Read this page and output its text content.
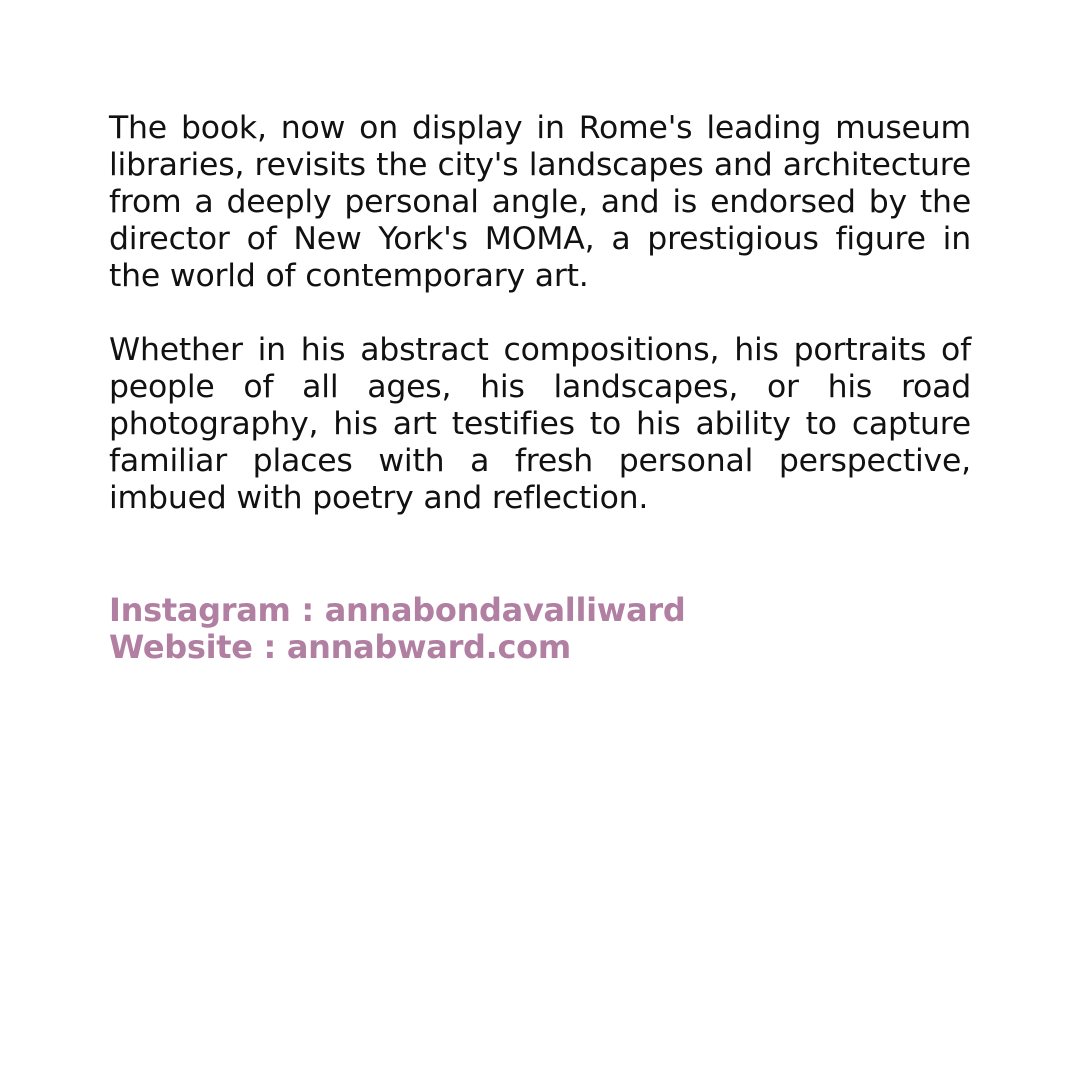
The book, now on display in Rome's leading museum libraries, revisits the city's landscapes and architecture from a deeply personal angle, and is endorsed by the director of New York's MOMA, a prestigious figure in the world of contemporary art.

Whether in his abstract compositions, his portraits of people of all ages, his landscapes, or his road photography, his art testifies to his ability to capture familiar places with a fresh personal perspective, imbued with poetry and reflection.

Instagram : annabondavalliward
Website : annabward.com
